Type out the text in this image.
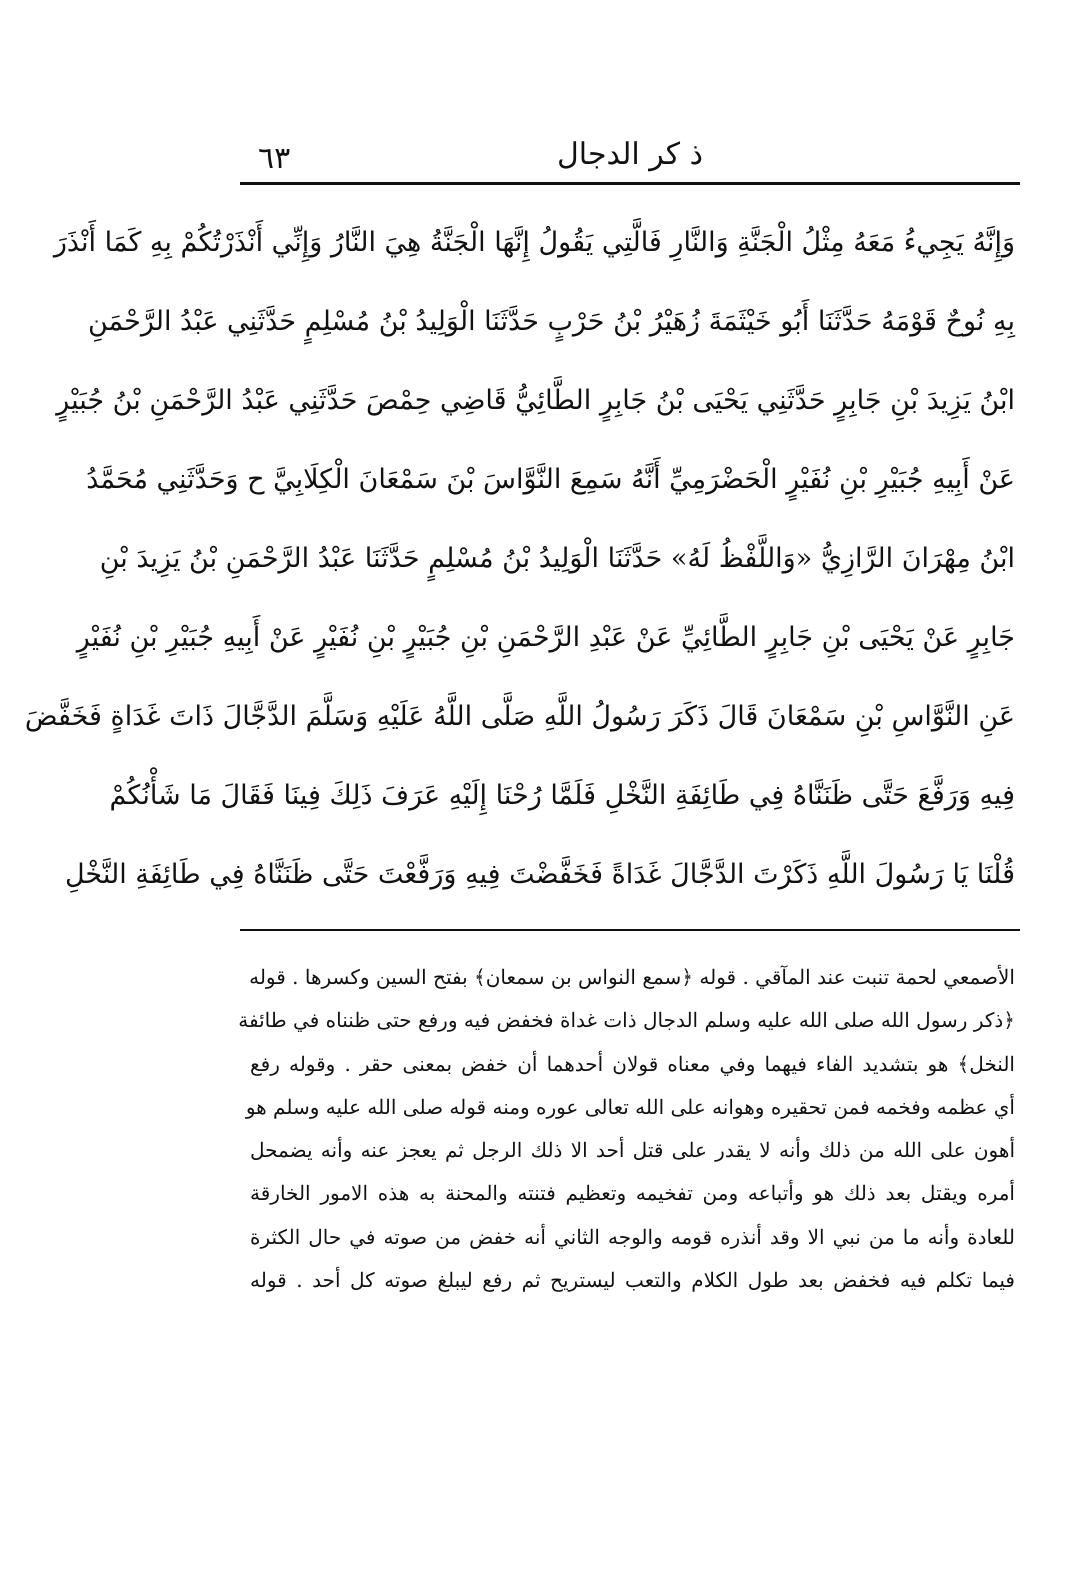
٦٣	ذ كر الدجال
وَإِنَّهُ يَجِيءُ مَعَهُ مِثْلُ الْجَنَّةِ وَالنَّارِ فَالَّتِي يَقُولُ إِنَّهَا الْجَنَّةُ هِيَ النَّارُ وَإِنِّي أَنْذَرْتُكُمْ بِهِ كَمَا أَنْذَرَ
بِهِ نُوحٌ قَوْمَهُ حَدَّثَنَا أَبُو خَيْثَمَةَ زُهَيْرُ بْنُ حَرْبٍ حَدَّثَنَا الْوَلِيدُ بْنُ مُسْلِمٍ حَدَّثَنِي عَبْدُ الرَّحْمَنِ
ابْنُ يَزِيدَ بْنِ جَابِرٍ حَدَّثَنِي يَحْيَى بْنُ جَابِرٍ الطَّائِيُّ قَاضِي حِمْصَ حَدَّثَنِي عَبْدُ الرَّحْمَنِ بْنُ جُبَيْرٍ
عَنْ أَبِيهِ جُبَيْرِ بْنِ نُفَيْرٍ الْحَضْرَمِيِّ أَنَّهُ سَمِعَ النَّوَّاسَ بْنَ سَمْعَانَ الْكِلَابِيَّ ح وَحَدَّثَنِي مُحَمَّدُ
ابْنُ مِهْرَانَ الرَّازِيُّ «وَاللَّفْظُ لَهُ» حَدَّثَنَا الْوَلِيدُ بْنُ مُسْلِمٍ حَدَّثَنَا عَبْدُ الرَّحْمَنِ بْنُ يَزِيدَ بْنِ
جَابِرٍ عَنْ يَحْيَى بْنِ جَابِرٍ الطَّائِيِّ عَنْ عَبْدِ الرَّحْمَنِ بْنِ جُبَيْرٍ بْنِ نُفَيْرٍ عَنْ أَبِيهِ جُبَيْرِ بْنِ نُفَيْرٍ
عَنِ النَّوَّاسِ بْنِ سَمْعَانَ قَالَ ذَكَرَ رَسُولُ اللَّهِ صَلَّى اللَّهُ عَلَيْهِ وَسَلَّمَ الدَّجَّالَ ذَاتَ غَدَاةٍ فَخَفَّضَ
فِيهِ وَرَفَّعَ حَتَّى ظَنَنَّاهُ فِي طَائِفَةِ النَّخْلِ فَلَمَّا رُحْنَا إِلَيْهِ عَرَفَ ذَلِكَ فِينَا فَقَالَ مَا شَأْنُكُمْ
قُلْنَا يَا رَسُولَ اللَّهِ ذَكَرْتَ الدَّجَّالَ غَدَاةً فَخَفَّضْتَ فِيهِ وَرَفَّعْتَ حَتَّى ظَنَنَّاهُ فِي طَائِفَةِ النَّخْلِ
الأصمعي لحمة تنبت عند المآقي . قوله ﴿سمع النواس بن سمعان﴾ بفتح السين وكسرها . قوله
﴿ذكر رسول الله صلى الله عليه وسلم الدجال ذات غداة فخفض فيه ورفع حتى ظنناه في طائفة
النخل﴾ هو بتشديد الفاء فيهما وفي معناه قولان أحدهما أن خفض بمعنى حقر . وقوله رفع
أي عظمه وفخمه فمن تحقيره وهوانه على الله تعالى عوره ومنه قوله صلى الله عليه وسلم هو
أهون على الله من ذلك وأنه لا يقدر على قتل أحد الا ذلك الرجل ثم يعجز عنه وأنه يضمحل
أمره ويقتل بعد ذلك هو وأتباعه ومن تفخيمه وتعظيم فتنته والمحنة به هذه الامور الخارقة
للعادة وأنه ما من نبي الا وقد أنذره قومه والوجه الثاني أنه خفض من صوته في حال الكثرة
فيما تكلم فيه فخفض بعد طول الكلام والتعب ليستريح ثم رفع ليبلغ صوته كل أحد . قوله
